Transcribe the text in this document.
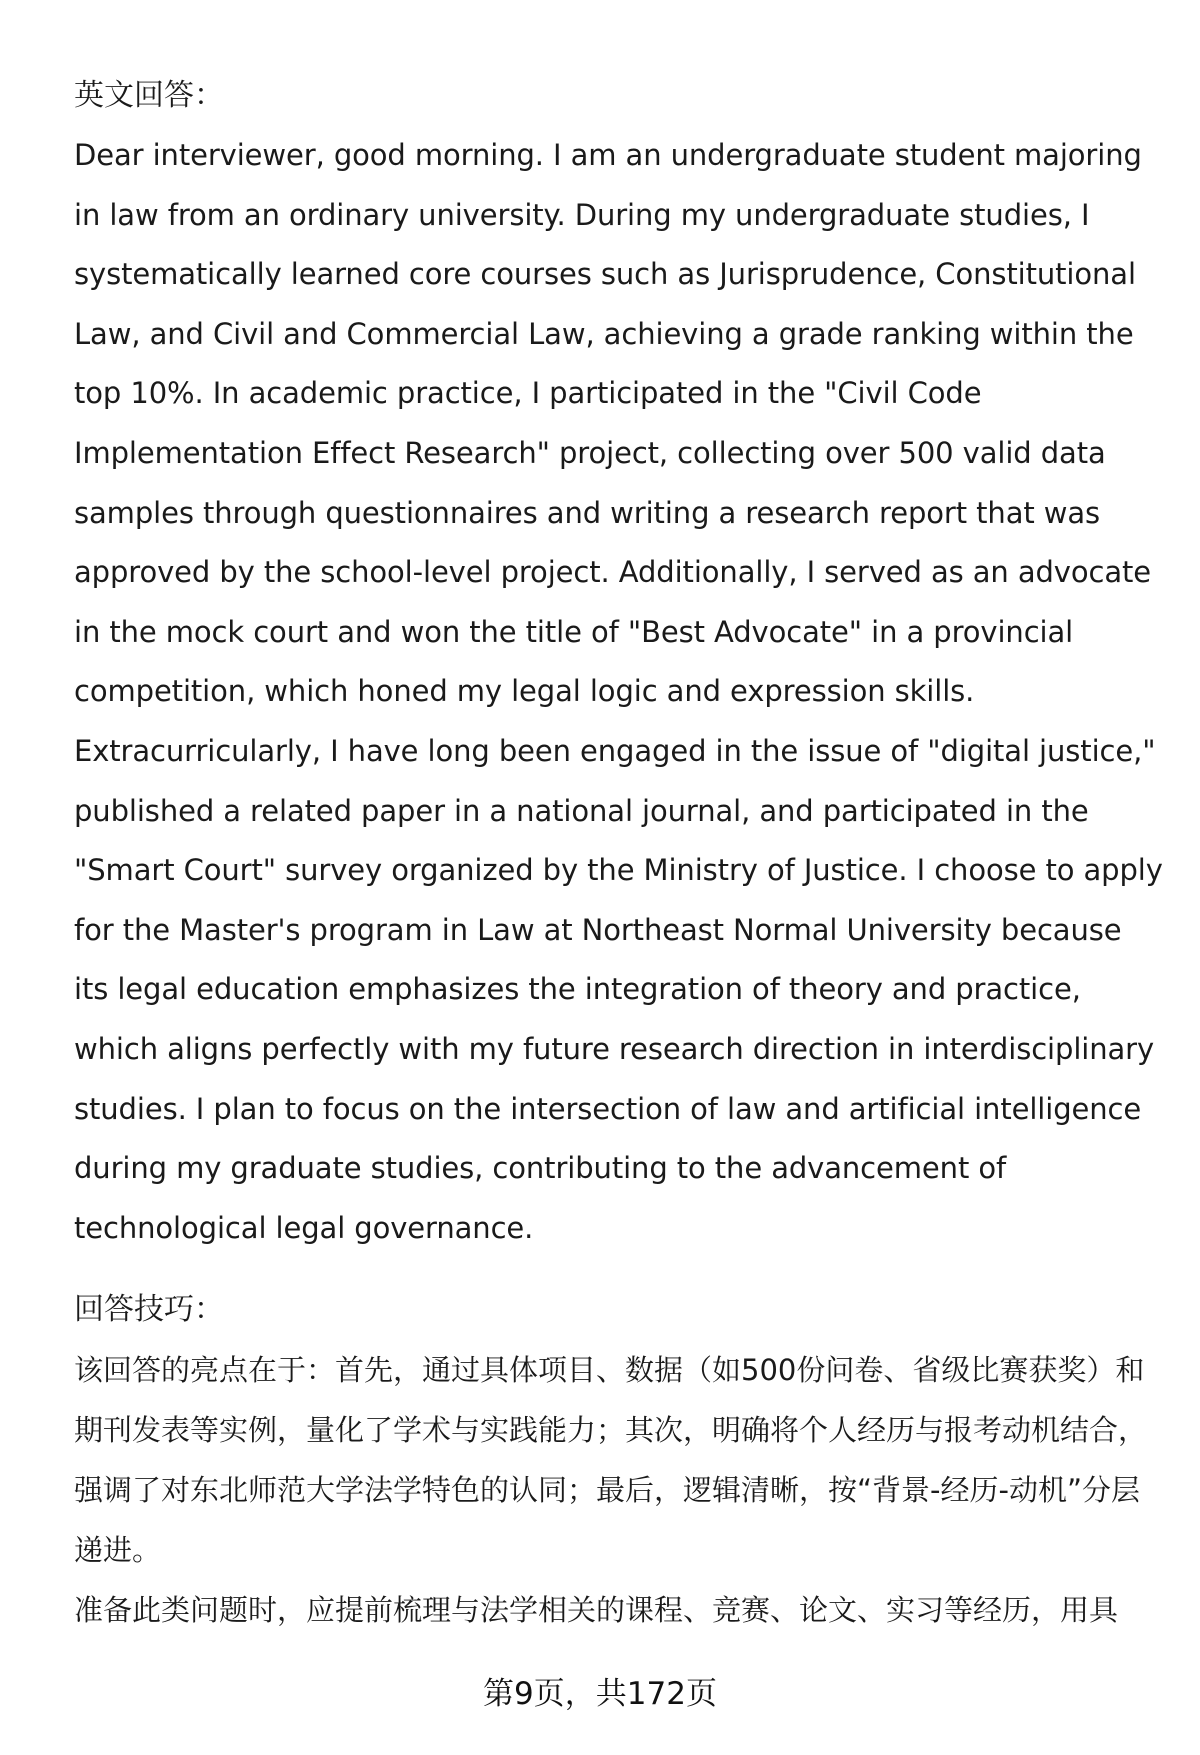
英文回答：

Dear interviewer, good morning. I am an undergraduate student majoring in law from an ordinary university. During my undergraduate studies, I systematically learned core courses such as Jurisprudence, Constitutional Law, and Civil and Commercial Law, achieving a grade ranking within the top 10%. In academic practice, I participated in the "Civil Code Implementation Effect Research" project, collecting over 500 valid data samples through questionnaires and writing a research report that was approved by the school-level project. Additionally, I served as an advocate in the mock court and won the title of "Best Advocate" in a provincial competition, which honed my legal logic and expression skills. Extracurricularly, I have long been engaged in the issue of "digital justice," published a related paper in a national journal, and participated in the "Smart Court" survey organized by the Ministry of Justice. I choose to apply for the Master's program in Law at Northeast Normal University because its legal education emphasizes the integration of theory and practice, which aligns perfectly with my future research direction in interdisciplinary studies. I plan to focus on the intersection of law and artificial intelligence during my graduate studies, contributing to the advancement of technological legal governance.

回答技巧：

该回答的亮点在于：首先，通过具体项目、数据（如500份问卷、省级比赛获奖）和期刊发表等实例，量化了学术与实践能力；其次，明确将个人经历与报考动机结合，强调了对东北师范大学法学特色的认同；最后，逻辑清晰，按“背景-经历-动机”分层递进。

准备此类问题时，应提前梳理与法学相关的课程、竞赛、论文、实习等经历，用具

第9页，共172页
